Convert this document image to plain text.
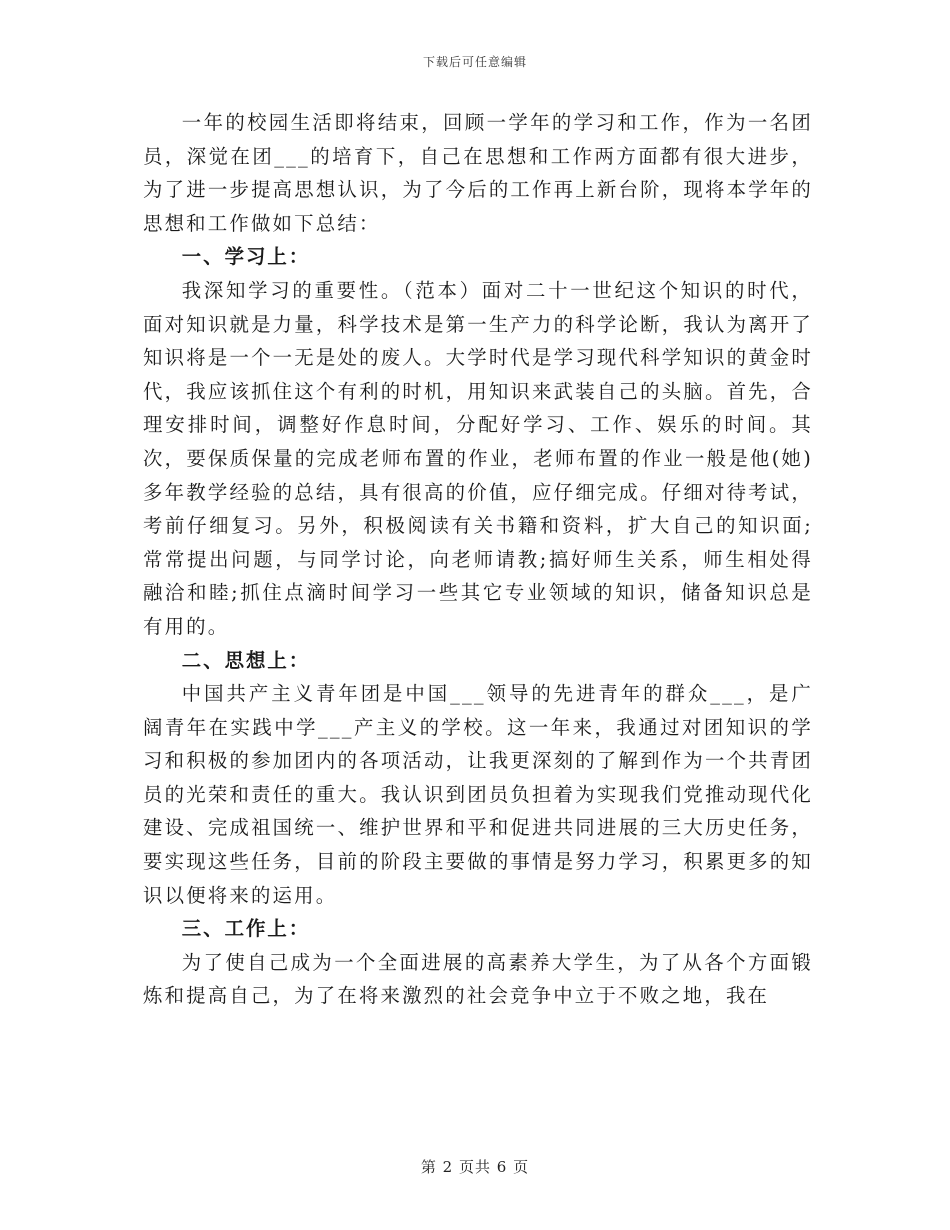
下载后可任意编辑

一年的校园生活即将结束，回顾一学年的学习和工作，作为一名团员，深觉在团___的培育下，自己在思想和工作两方面都有很大进步，为了进一步提高思想认识，为了今后的工作再上新台阶，现将本学年的思想和工作做如下总结：

一、学习上：

我深知学习的重要性。（范本）面对二十一世纪这个知识的时代，面对知识就是力量，科学技术是第一生产力的科学论断，我认为离开了知识将是一个一无是处的废人。大学时代是学习现代科学知识的黄金时代，我应该抓住这个有利的时机，用知识来武装自己的头脑。首先，合理安排时间，调整好作息时间，分配好学习、工作、娱乐的时间。其次，要保质保量的完成老师布置的作业，老师布置的作业一般是他(她)多年教学经验的总结，具有很高的价值，应仔细完成。仔细对待考试，考前仔细复习。另外，积极阅读有关书籍和资料，扩大自己的知识面;常常提出问题，与同学讨论，向老师请教;搞好师生关系，师生相处得融洽和睦;抓住点滴时间学习一些其它专业领域的知识，储备知识总是有用的。

二、思想上：

中国共产主义青年团是中国___领导的先进青年的群众___，是广阔青年在实践中学___产主义的学校。这一年来，我通过对团知识的学习和积极的参加团内的各项活动，让我更深刻的了解到作为一个共青团员的光荣和责任的重大。我认识到团员负担着为实现我们党推动现代化建设、完成祖国统一、维护世界和平和促进共同进展的三大历史任务，要实现这些任务，目前的阶段主要做的事情是努力学习，积累更多的知识以便将来的运用。

三、工作上：

为了使自己成为一个全面进展的高素养大学生，为了从各个方面锻炼和提高自己，为了在将来激烈的社会竞争中立于不败之地，我在

第 2 页共 6 页
